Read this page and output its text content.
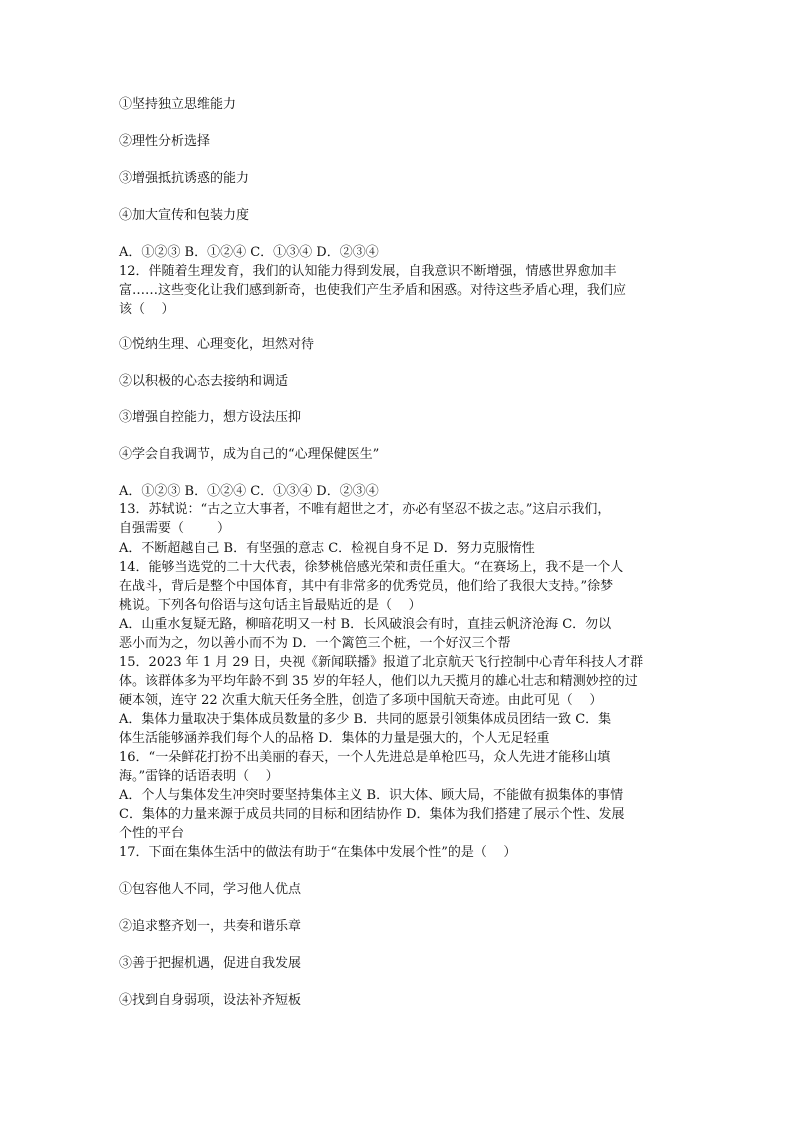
①坚持独立思维能力
②理性分析选择
③增强抵抗诱惑的能力
④加大宣传和包装力度
A．①②③ B．①②④ C．①③④ D．②③④
12．伴随着生理发育，我们的认知能力得到发展，自我意识不断增强，情感世界愈加丰
富……这些变化让我们感到新奇，也使我们产生矛盾和困惑。对待这些矛盾心理，我们应
该（    ）
①悦纳生理、心理变化，坦然对待
②以积极的心态去接纳和调适
③增强自控能力，想方设法压抑
④学会自我调节，成为自己的“心理保健医生”
A．①②③ B．①②④ C．①③④ D．②③④
13．苏轼说：“古之立大事者，不唯有超世之才，亦必有坚忍不拔之志。”这启示我们，
自强需要（        ）
A．不断超越自己 B．有坚强的意志 C．检视自身不足 D．努力克服惰性
14．能够当选党的二十大代表，徐梦桃倍感光荣和责任重大。“在赛场上，我不是一个人
在战斗，背后是整个中国体育，其中有非常多的优秀党员，他们给了我很大支持。”徐梦
桃说。下列各句俗语与这句话主旨最贴近的是（    ）
A．山重水复疑无路，柳暗花明又一村 B．长风破浪会有时，直挂云帆济沧海 C．勿以
恶小而为之，勿以善小而不为 D．一个篱笆三个桩，一个好汉三个帮
15．2023 年 1 月 29 日，央视《新闻联播》报道了北京航天飞行控制中心青年科技人才群
体。该群体多为平均年龄不到 35 岁的年轻人，他们以九天揽月的雄心壮志和精测妙控的过
硬本领，连守 22 次重大航天任务全胜，创造了多项中国航天奇迹。由此可见（    ）
A．集体力量取决于集体成员数量的多少 B．共同的愿景引领集体成员团结一致 C．集
体生活能够涵养我们每个人的品格 D．集体的力量是强大的，个人无足轻重
16．“一朵鲜花打扮不出美丽的春天，一个人先进总是单枪匹马，众人先进才能移山填
海。”雷锋的话语表明（    ）
A．个人与集体发生冲突时要坚持集体主义 B．识大体、顾大局，不能做有损集体的事情
C．集体的力量来源于成员共同的目标和团结协作 D．集体为我们搭建了展示个性、发展
个性的平台
17．下面在集体生活中的做法有助于“在集体中发展个性”的是（    ）
①包容他人不同，学习他人优点
②追求整齐划一，共奏和谐乐章
③善于把握机遇，促进自我发展
④找到自身弱项，设法补齐短板
